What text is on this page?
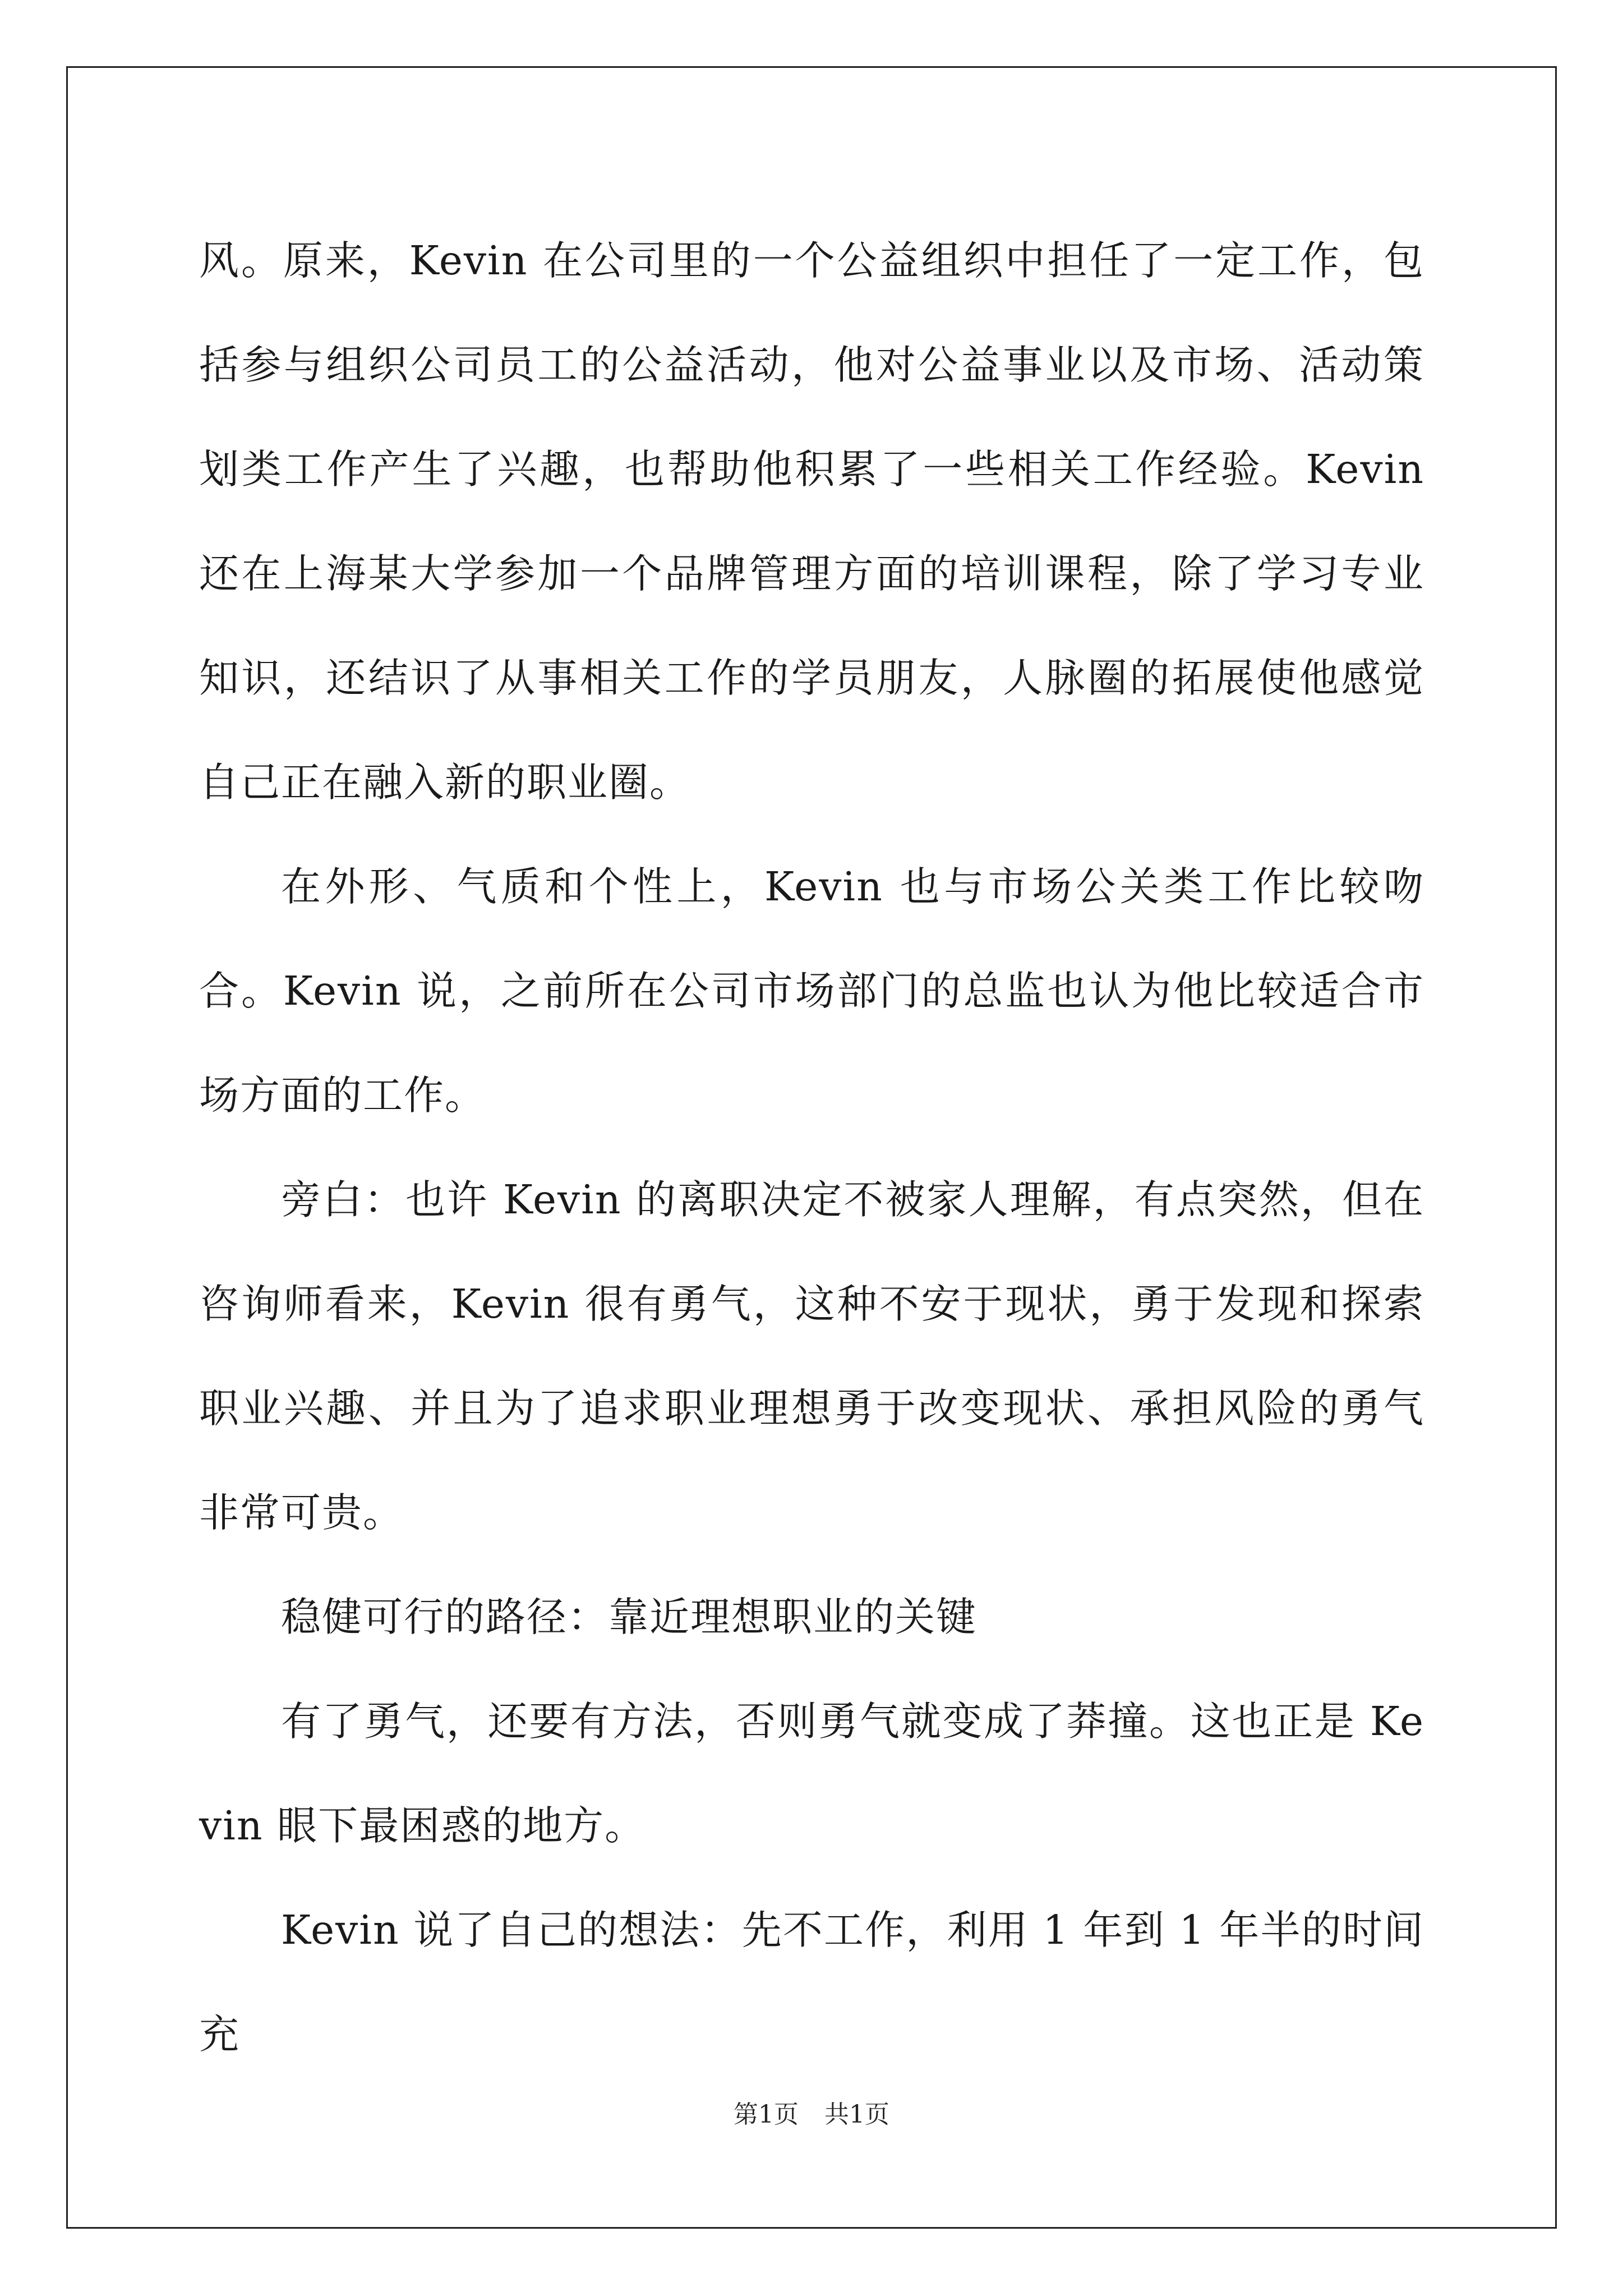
风。原来，Kevin 在公司里的一个公益组织中担任了一定工作，包括参与组织公司员工的公益活动，他对公益事业以及市场、活动策划类工作产生了兴趣，也帮助他积累了一些相关工作经验。Kevin 还在上海某大学参加一个品牌管理方面的培训课程，除了学习专业知识，还结识了从事相关工作的学员朋友，人脉圈的拓展使他感觉自己正在融入新的职业圈。

在外形、气质和个性上，Kevin 也与市场公关类工作比较吻合。Kevin 说，之前所在公司市场部门的总监也认为他比较适合市场方面的工作。

旁白：也许 Kevin 的离职决定不被家人理解，有点突然，但在咨询师看来，Kevin 很有勇气，这种不安于现状，勇于发现和探索职业兴趣、并且为了追求职业理想勇于改变现状、承担风险的勇气非常可贵。

稳健可行的路径：靠近理想职业的关键

有了勇气，还要有方法，否则勇气就变成了莽撞。这也正是 Kevin 眼下最困惑的地方。

Kevin 说了自己的想法：先不工作，利用 1 年到 1 年半的时间充

第1页 共1页
